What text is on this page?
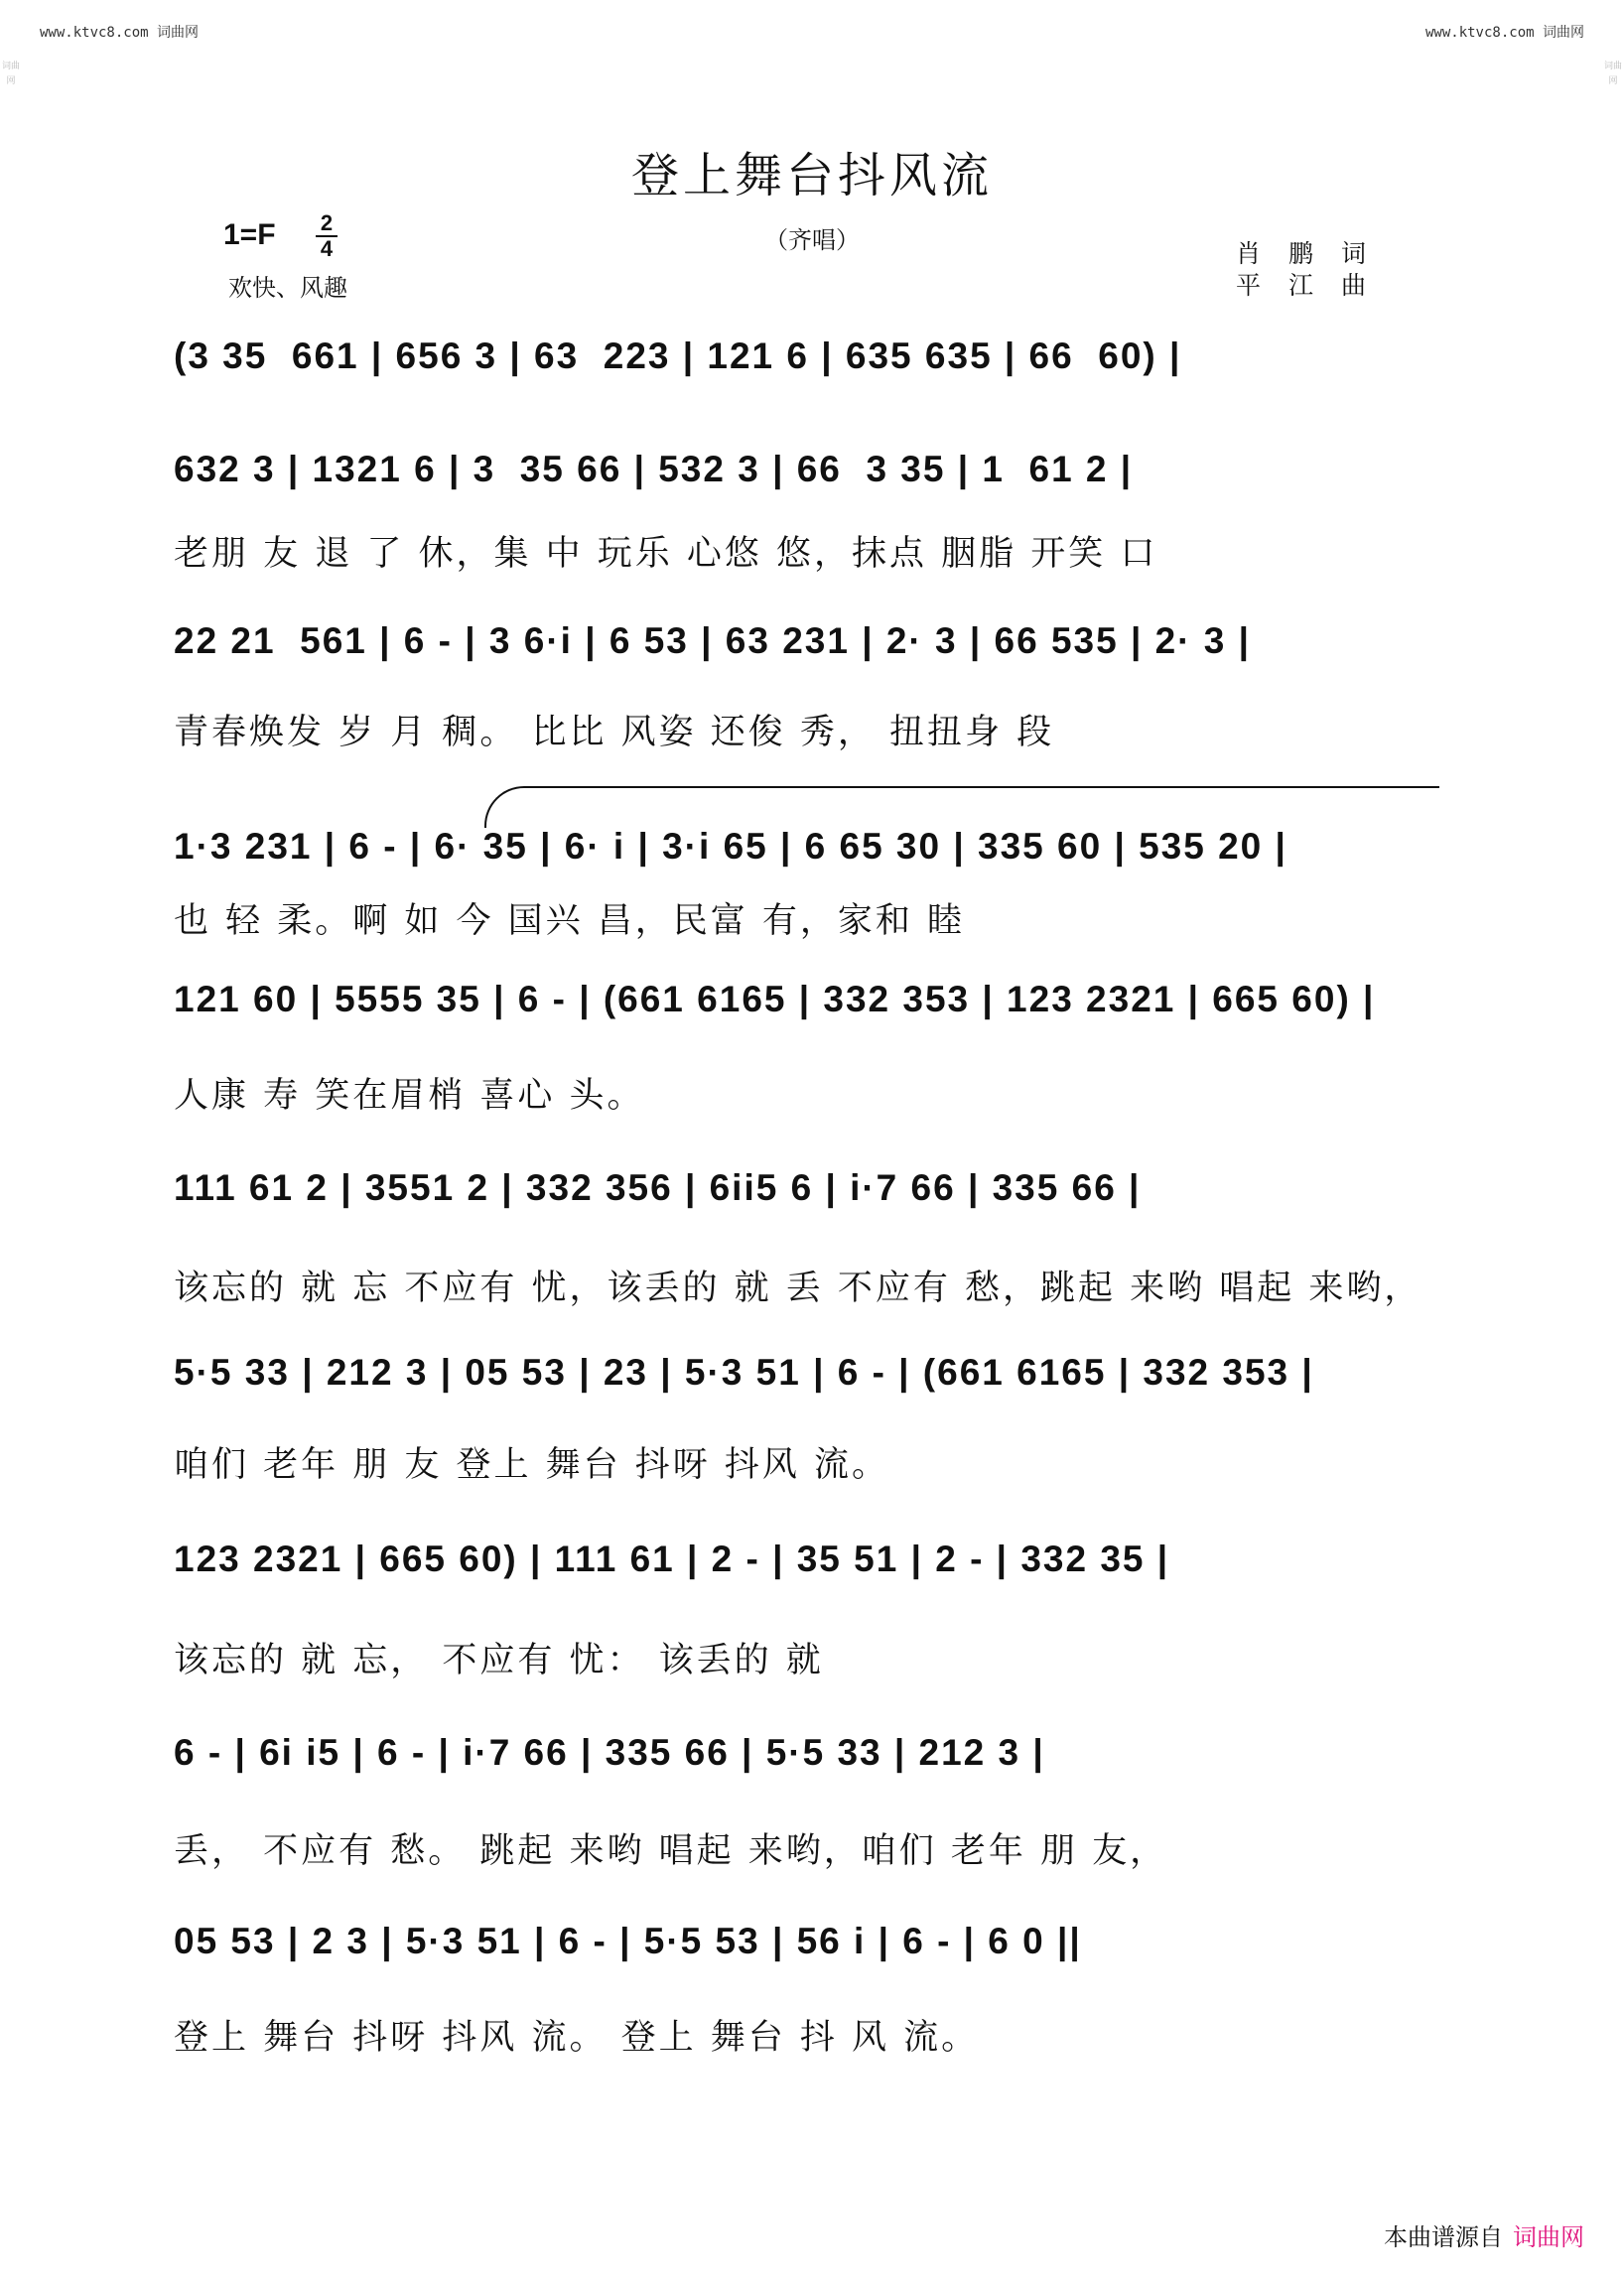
www.ktvc8.com 词曲网	www.ktvc8.com 词曲网
词曲网
词曲网
登上舞台抖风流
（齐唱）
1=F 2
4
欢快、风趣
肖鹏词
平江曲
(3 35  661 | 656 3 | 63  223 | 121 6 | 635 635 | 66  60) |
632 3 | 1321 6 | 3  35 66 | 532 3 | 66  3 35 | 1  61 2 |
老朋 友 退 了 休，集 中 玩乐 心悠 悠，抹点 胭脂 开笑 口
22 21  561 | 6 - | 3 6·i | 6 53 | 63 231 | 2· 3 | 66 535 | 2· 3 |
青春焕发 岁 月 稠。 比比 风姿 还俊 秀， 扭扭身 段
1·3 231 | 6 - | 6· 35 | 6· i | 3·i 65 | 6 65 30 | 335 60 | 535 20 |
也 轻 柔。啊 如 今 国兴 昌，民富 有，家和 睦
121 60 | 5555 35 | 6 - | (661 6165 | 332 353 | 123 2321 | 665 60) |
人康 寿 笑在眉梢 喜心 头。
111 61 2 | 3551 2 | 332 356 | 6ii5 6 | i·7 66 | 335 66 |
该忘的 就 忘 不应有 忧，该丢的 就 丢 不应有 愁，跳起 来哟 唱起 来哟，
5·5 33 | 212 3 | 05 53 | 23 | 5·3 51 | 6 - | (661 6165 | 332 353 |
咱们 老年 朋 友 登上 舞台 抖呀 抖风 流。
123 2321 | 665 60) | 111 61 | 2 - | 35 51 | 2 - | 332 35 |
该忘的 就 忘， 不应有 忧： 该丢的 就
6 - | 6i i5 | 6 - | i·7 66 | 335 66 | 5·5 33 | 212 3 |
丢， 不应有 愁。 跳起 来哟 唱起 来哟，咱们 老年 朋 友，
05 53 | 2 3 | 5·3 51 | 6 - | 5·5 53 | 56 i | 6 - | 6 0 ||
登上 舞台 抖呀 抖风 流。 登上 舞台 抖 风 流。
本曲谱源自 词曲网
